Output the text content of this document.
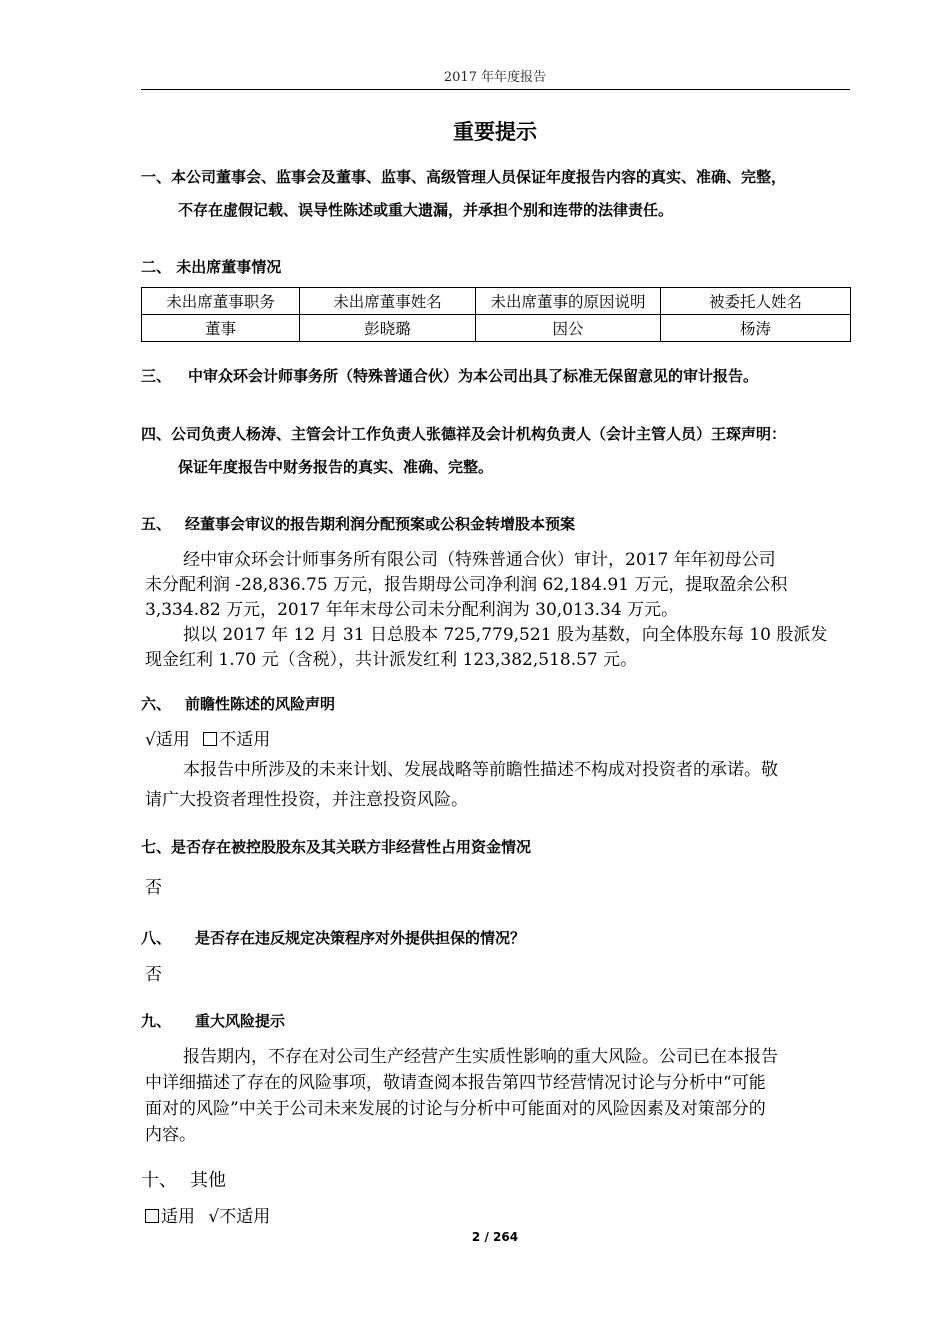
2017 年年度报告
重要提示
一、本公司董事会、监事会及董事、监事、高级管理人员保证年度报告内容的真实、准确、完整，
不存在虚假记载、误导性陈述或重大遗漏，并承担个别和连带的法律责任。
二、 未出席董事情况
未出席董事职务	未出席董事姓名	未出席董事的原因说明	被委托人姓名
董事	彭晓璐	因公	杨涛
三、 中审众环会计师事务所（特殊普通合伙）为本公司出具了标准无保留意见的审计报告。
四、公司负责人杨涛、主管会计工作负责人张德祥及会计机构负责人（会计主管人员）王琛声明：
保证年度报告中财务报告的真实、准确、完整。
五、 经董事会审议的报告期利润分配预案或公积金转增股本预案
经中审众环会计师事务所有限公司（特殊普通合伙）审计，2017 年年初母公司
未分配利润 -28,836.75 万元，报告期母公司净利润 62,184.91 万元，提取盈余公积
3,334.82 万元，2017 年年末母公司未分配利润为 30,013.34 万元。
拟以 2017 年 12 月 31 日总股本 725,779,521 股为基数，向全体股东每 10 股派发
现金红利 1.70 元（含税），共计派发红利 123,382,518.57 元。
六、 前瞻性陈述的风险声明
√适用 不适用
本报告中所涉及的未来计划、发展战略等前瞻性描述不构成对投资者的承诺。敬
请广大投资者理性投资，并注意投资风险。
七、是否存在被控股股东及其关联方非经营性占用资金情况
否
八、 是否存在违反规定决策程序对外提供担保的情况？
否
九、 重大风险提示
报告期内，不存在对公司生产经营产生实质性影响的重大风险。公司已在本报告
中详细描述了存在的风险事项，敬请查阅本报告第四节经营情况讨论与分析中“可能
面对的风险”中关于公司未来发展的讨论与分析中可能面对的风险因素及对策部分的
内容。
十、 其他
适用 √不适用
2 / 264
